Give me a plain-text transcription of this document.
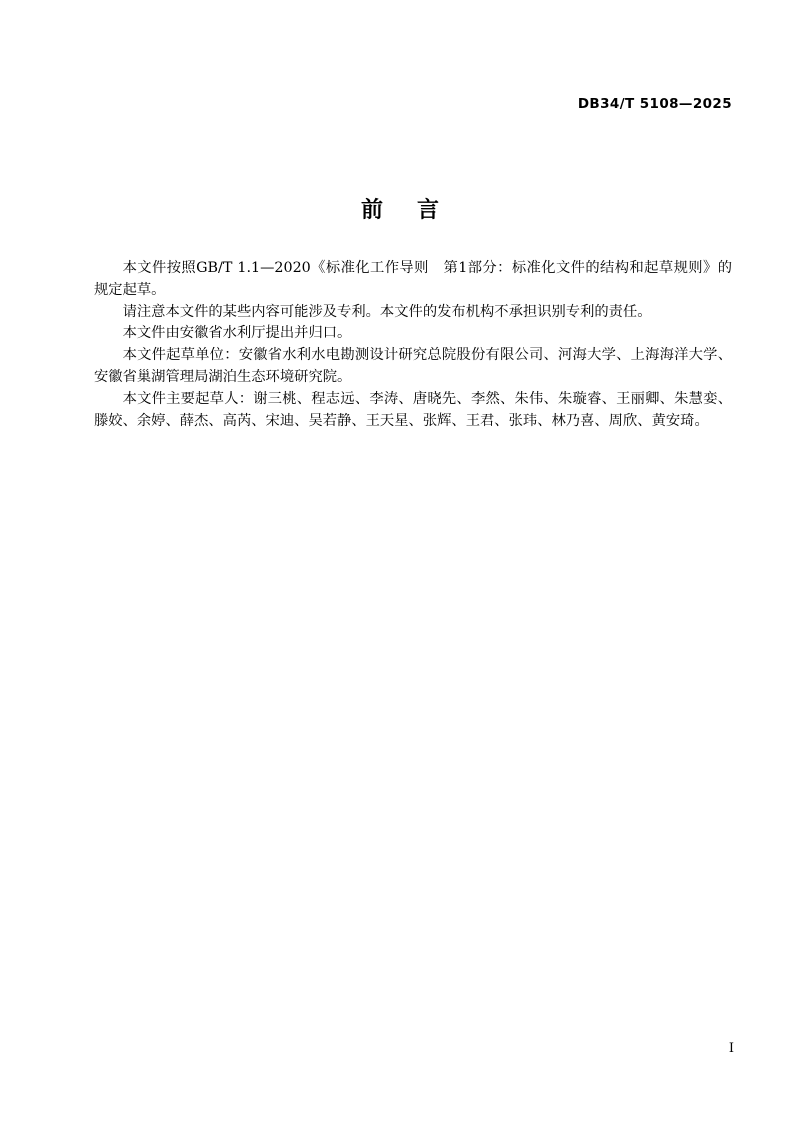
DB34/T 5108—2025
前 言

本文件按照GB/T 1.1—2020《标准化工作导则　第1部分：标准化文件的结构和起草规则》的规定起草。

请注意本文件的某些内容可能涉及专利。本文件的发布机构不承担识别专利的责任。

本文件由安徽省水利厅提出并归口。

本文件起草单位：安徽省水利水电勘测设计研究总院股份有限公司、河海大学、上海海洋大学、安徽省巢湖管理局湖泊生态环境研究院。

本文件主要起草人：谢三桃、程志远、李涛、唐晓先、李然、朱伟、朱璇睿、王丽卿、朱慧娈、滕姣、余婷、薛杰、高芮、宋迪、吴若静、王天星、张辉、王君、张玮、林乃喜、周欣、黄安琦。

I
